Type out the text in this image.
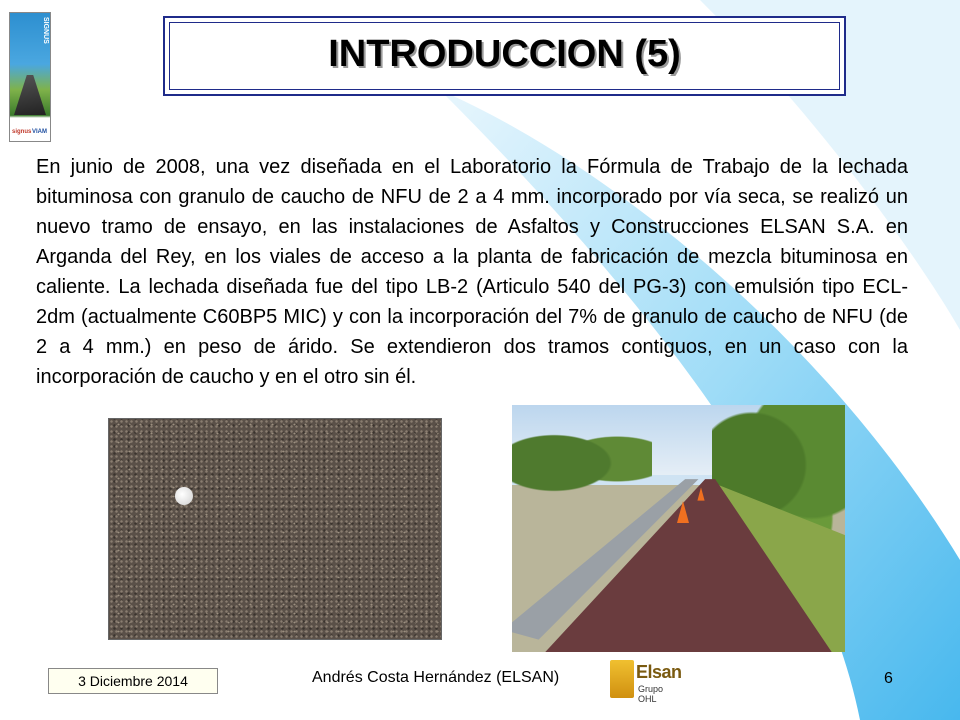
SIGNUS
signus VIAM
INTRODUCCION (5)
En junio de 2008, una vez diseñada en el Laboratorio la Fórmula de Trabajo de la lechada bituminosa con granulo de caucho de NFU de 2 a 4 mm. incorporado por vía seca, se realizó un nuevo tramo de ensayo, en las instalaciones de Asfaltos y Construcciones ELSAN S.A. en Arganda del Rey, en los viales de acceso a la planta de fabricación de mezcla bituminosa en caliente. La lechada diseñada fue del tipo LB-2 (Articulo 540 del PG-3) con emulsión tipo ECL-2dm (actualmente C60BP5 MIC) y con la incorporación del 7% de granulo de caucho de NFU (de 2 a 4 mm.) en peso de árido. Se extendieron dos tramos contiguos, en un caso con la incorporación de caucho y en el otro sin él.
3 Diciembre 2014	Andrés Costa Hernández (ELSAN)	Elsan
Grupo OHL
6
